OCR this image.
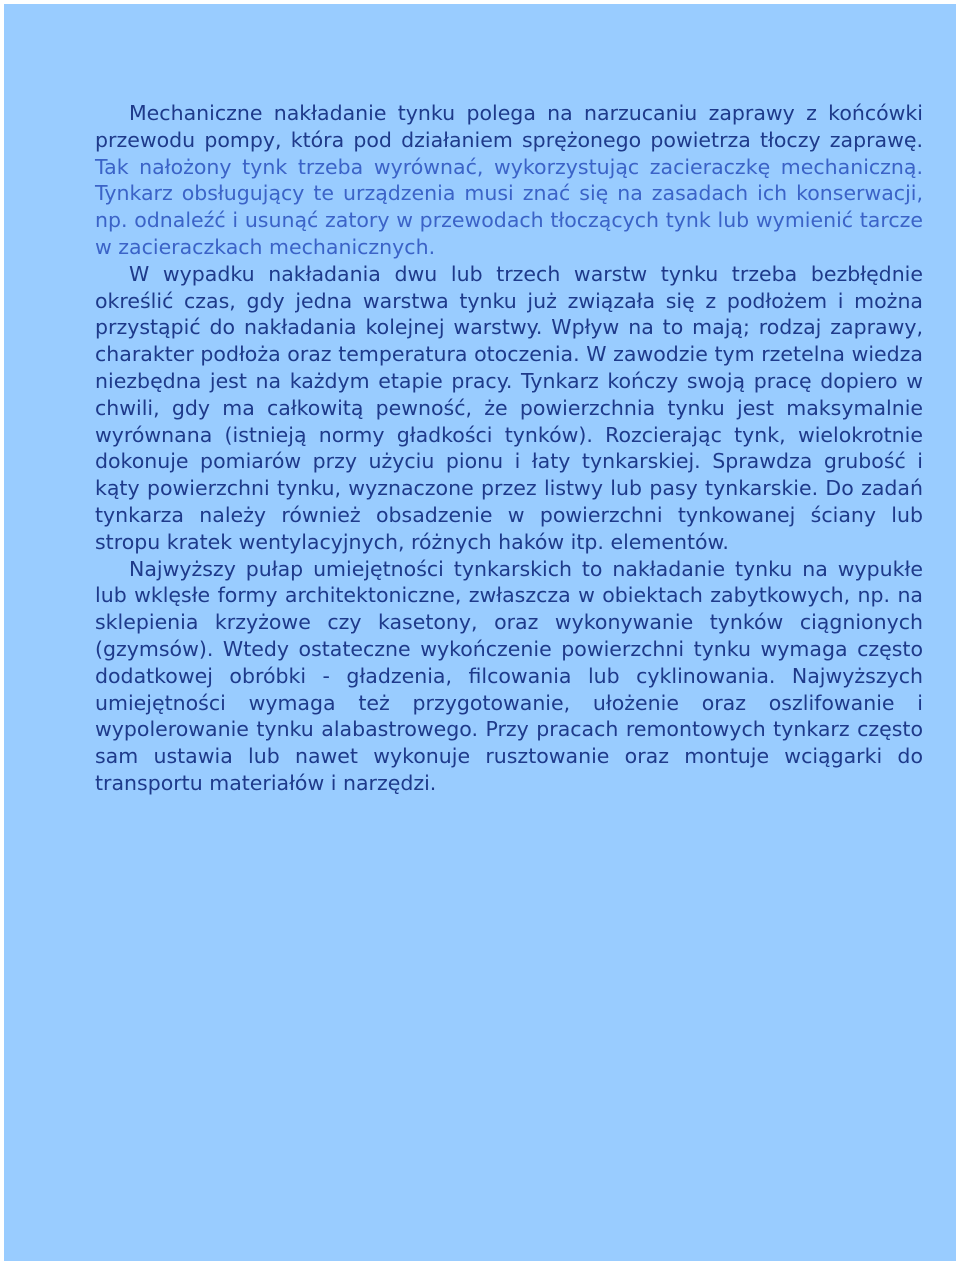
Mechaniczne nakładanie tynku polega na narzucaniu zaprawy z końcówki przewodu pompy, która pod działaniem sprężonego powietrza tłoczy zaprawę. Tak nałożony tynk trzeba wyrównać, wykorzystując zacieraczkę mechaniczną. Tynkarz obsługujący te urządzenia musi znać się na zasadach ich konserwacji, np. odnaleźć i usunąć zatory w przewodach tłoczących tynk lub wymienić tarcze w zacieraczkach mechanicznych.

W wypadku nakładania dwu lub trzech warstw tynku trzeba bezbłędnie określić czas, gdy jedna warstwa tynku już związała się z podłożem i można przystąpić do nakładania kolejnej warstwy. Wpływ na to mają; rodzaj zaprawy, charakter podłoża oraz temperatura otoczenia. W zawodzie tym rzetelna wiedza niezbędna jest na każdym etapie pracy. Tynkarz kończy swoją pracę dopiero w chwili, gdy ma całkowitą pewność, że powierzchnia tynku jest maksymalnie wyrównana (istnieją normy gładkości tynków). Rozcierając tynk, wielokrotnie dokonuje pomiarów przy użyciu pionu i łaty tynkarskiej. Sprawdza grubość i kąty powierzchni tynku, wyznaczone przez listwy lub pasy tynkarskie. Do zadań tynkarza należy również obsadzenie w powierzchni tynkowanej ściany lub stropu kratek wentylacyjnych, różnych haków itp. elementów.

Najwyższy pułap umiejętności tynkarskich to nakładanie tynku na wypukłe lub wklęsłe formy architektoniczne, zwłaszcza w obiektach zabytkowych, np. na sklepienia krzyżowe czy kasetony, oraz wykonywanie tynków ciągnionych (gzymsów). Wtedy ostateczne wykończenie powierzchni tynku wymaga często dodatkowej obróbki - gładzenia, filcowania lub cyklinowania. Najwyższych umiejętności wymaga też przygotowanie, ułożenie oraz oszlifowanie i wypolerowanie tynku alabastrowego. Przy pracach remontowych tynkarz często sam ustawia lub nawet wykonuje rusztowanie oraz montuje wciągarki do transportu materiałów i narzędzi.
